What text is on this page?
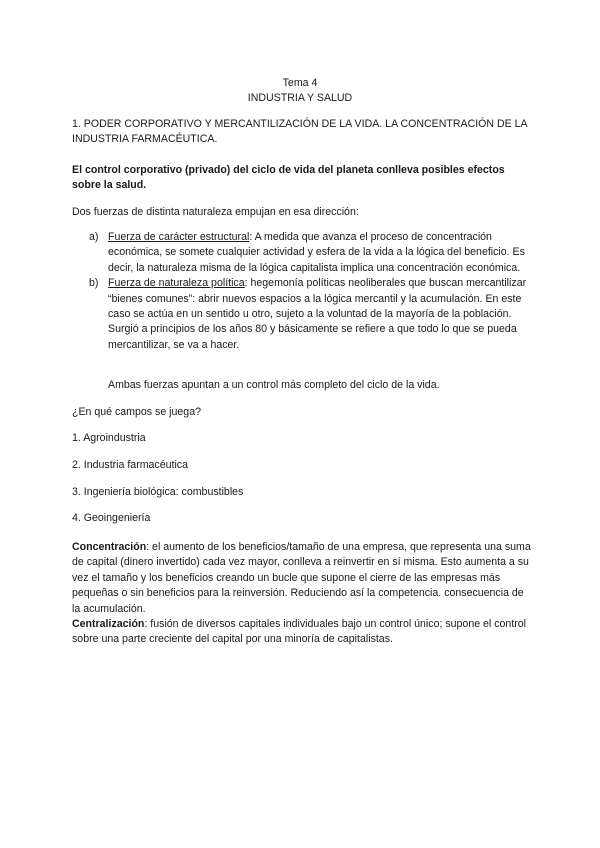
Tema 4
INDUSTRIA Y SALUD
1. PODER CORPORATIVO Y MERCANTILIZACIÓN DE LA VIDA. LA CONCENTRACIÓN DE LA INDUSTRIA FARMACÉUTICA.
El control corporativo (privado) del ciclo de vida del planeta conlleva posibles efectos sobre la salud.
Dos fuerzas de distinta naturaleza empujan en esa dirección:
a) Fuerza de carácter estructural: A medida que avanza el proceso de concentración económica, se somete cualquier actividad y esfera de la vida a la lógica del beneficio. Es decir, la naturaleza misma de la lógica capitalista implica una concentración económica.
b) Fuerza de naturaleza política: hegemonía políticas neoliberales que buscan mercantilizar “bienes comunes”: abrir nuevos espacios a la lógica mercantil y la acumulación. En este caso se actúa en un sentido u otro, sujeto a la voluntad de la mayoría de la población. Surgió a principios de los años 80 y básicamente se refiere a que todo lo que se pueda mercantilizar, se va a hacer.
Ambas fuerzas apuntan a un control más completo del ciclo de la vida.
¿En qué campos se juega?
1. Agroindustria
2. Industria farmacéutica
3. Ingeniería biológica: combustibles
4. Geoingeniería
Concentración: el aumento de los beneficios/tamaño de una empresa, que representa una suma de capital (dinero invertido) cada vez mayor, conlleva a reinvertir en sí misma. Esto aumenta a su vez el tamaño y los beneficios creando un bucle que supone el cierre de las empresas más pequeñas o sin beneficios para la reinversión. Reduciendo así la competencia. consecuencia de la acumulación.
Centralización: fusión de diversos capitales individuales bajo un control único; supone el control sobre una parte creciente del capital por una minoría de capitalistas.
